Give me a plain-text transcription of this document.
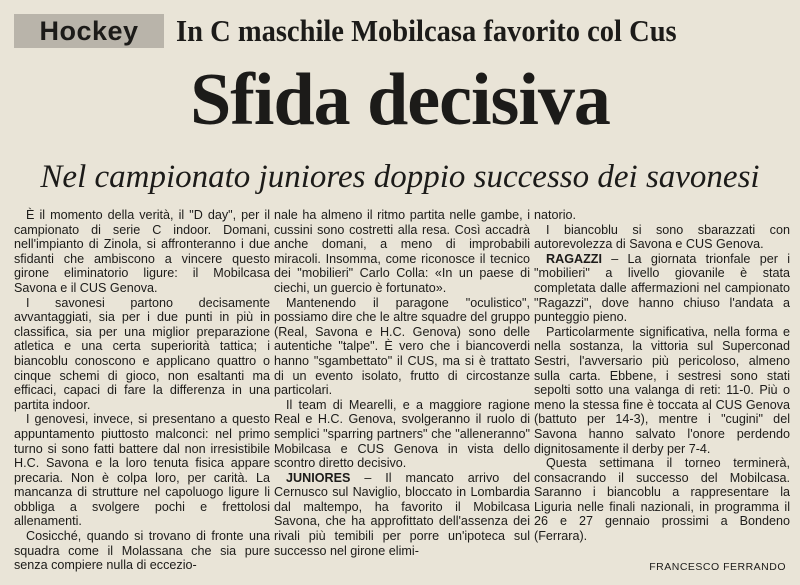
Hockey	In C maschile Mobilcasa favorito col Cus
Sfida decisiva
Nel campionato juniores doppio successo dei savonesi

È il momento della verità, il "D day", per il campionato di serie C indoor. Domani, nell'impianto di Zinola, si affronteranno i due sfidanti che ambiscono a vincere questo girone eliminatorio ligure: il Mobilcasa Savona e il CUS Genova.

I savonesi partono decisamente avvantaggiati, sia per i due punti in più in classifica, sia per una miglior preparazione atletica e una certa superiorità tattica; i biancoblu conoscono e applicano quattro o cinque schemi di gioco, non esaltanti ma efficaci, capaci di fare la differenza in una partita indoor.

I genovesi, invece, si presentano a questo appuntamento piuttosto malconci: nel primo turno si sono fatti battere dal non irresistibile H.C. Savona e la loro tenuta fisica appare precaria. Non è colpa loro, per carità. La mancanza di strutture nel capoluogo ligure li obbliga a svolgere pochi e frettolosi allenamenti.

Cosicché, quando si trovano di fronte una squadra come il Molassana che sia pure senza compiere nulla di eccezio-

nale ha almeno il ritmo partita nelle gambe, i cussini sono costretti alla resa. Così accadrà anche domani, a meno di improbabili miracoli. Insomma, come riconosce il tecnico dei "mobilieri" Carlo Colla: «In un paese di ciechi, un guercio è fortunato».

Mantenendo il paragone "oculistico", possiamo dire che le altre squadre del gruppo (Real, Savona e H.C. Genova) sono delle autentiche "talpe". È vero che i biancoverdi hanno "sgambettato" il CUS, ma si è trattato di un evento isolato, frutto di circostanze particolari.

Il team di Mearelli, e a maggiore ragione Real e H.C. Genova, svolgeranno il ruolo di semplici "sparring partners" che "alleneranno" Mobilcasa e CUS Genova in vista dello scontro diretto decisivo.

JUNIORES – Il mancato arrivo del Cernusco sul Naviglio, bloccato in Lombardia dal maltempo, ha favorito il Mobilcasa Savona, che ha approfittato dell'assenza dei rivali più temibili per porre un'ipoteca sul successo nel girone elimi-

natorio.

I biancoblu si sono sbarazzati con autorevolezza di Savona e CUS Genova.

RAGAZZI – La giornata trionfale per i "mobilieri" a livello giovanile è stata completata dalle affermazioni nel campionato "Ragazzi", dove hanno chiuso l'andata a punteggio pieno.

Particolarmente significativa, nella forma e nella sostanza, la vittoria sul Superconad Sestri, l'avversario più pericoloso, almeno sulla carta. Ebbene, i sestresi sono stati sepolti sotto una valanga di reti: 11-0. Più o meno la stessa fine è toccata al CUS Genova (battuto per 14-3), mentre i "cugini" del Savona hanno salvato l'onore perdendo dignitosamente il derby per 7-4.

Questa settimana il torneo terminerà, consacrando il successo del Mobilcasa. Saranno i biancoblu a rappresentare la Liguria nelle finali nazionali, in programma il 26 e 27 gennaio prossimi a Bondeno (Ferrara).

FRANCESCO FERRANDO
